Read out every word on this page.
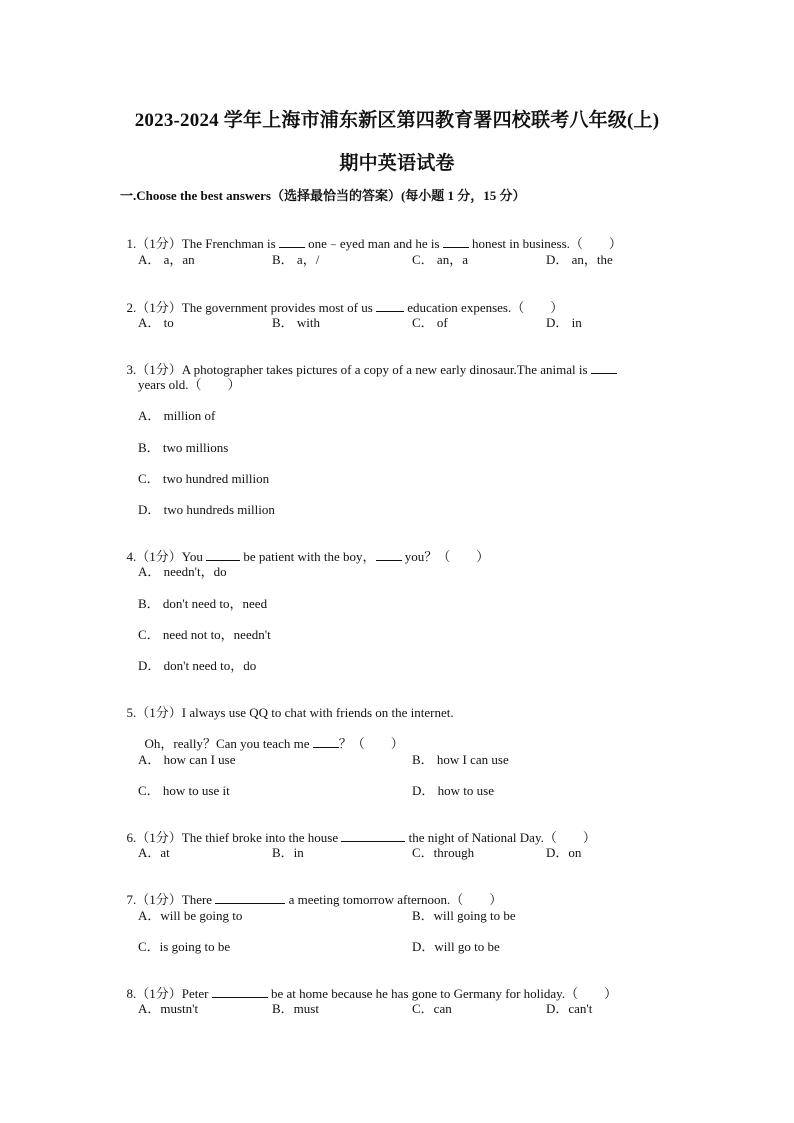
2023-2024 学年上海市浦东新区第四教育署四校联考八年级(上)
期中英语试卷
一.Choose the best answers（选择最恰当的答案）(每小题 1 分，15 分）

1.（1分）The Frenchman is  one﹣eyed man and he is  honest in business.（　　）

A． a，an	B． a，/	C． an，a	D． an，the

2.（1分）The government provides most of us  education expenses.（　　）

A． to	B． with	C． of	D． in

3.（1分）A photographer takes pictures of a copy of a new early dinosaur.The animal is

years old.（　　）
A． million of
B． two millions
C． two hundred million
D． two hundreds million

4.（1分）You	be patient with the boy， you？（　　）

A． needn't，do
B． don't need to，need
C． need not to，needn't
D． don't need to，do

5.（1分）I always use QQ to chat with friends on the internet.

Oh，really？Can you teach me ？（　　）

A． how can I use	B． how I can use
C． how to use it	D． how to use

6.（1分）The thief broke into the house	the night of National Day.（　　）

A．at	B．in	C．through	D．on

7.（1分）There	a meeting tomorrow afternoon.（　　）

A．will be going to	B．will going to be
C．is going to be	D．will go to be

8.（1分）Peter	be at home because he has gone to Germany for holiday.（　　）

A．mustn't	B．must	C．can	D．can't
